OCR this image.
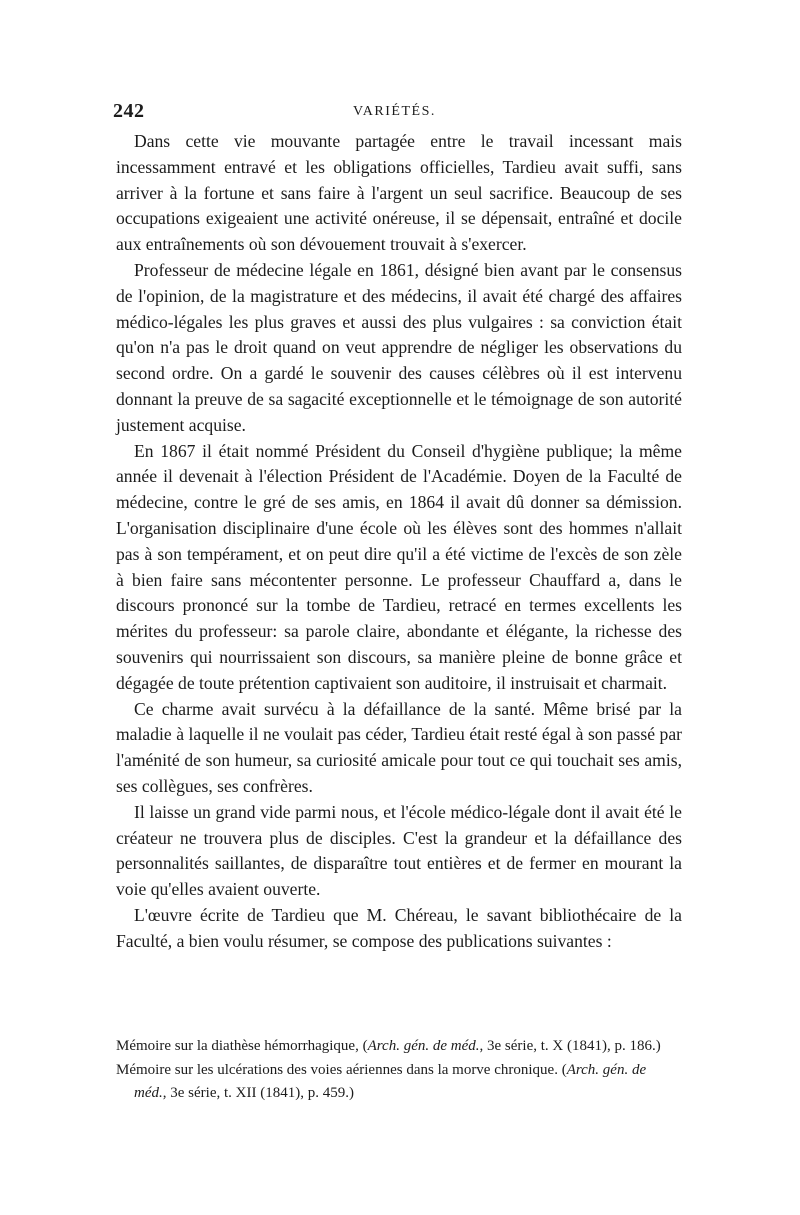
242	VARIÉTÉS.

Dans cette vie mouvante partagée entre le travail incessant mais incessamment entravé et les obligations officielles, Tardieu avait suffi, sans arriver à la fortune et sans faire à l'argent un seul sacrifice. Beaucoup de ses occupations exigeaient une activité onéreuse, il se dépensait, entraîné et docile aux entraînements où son dévouement trouvait à s'exercer.

Professeur de médecine légale en 1861, désigné bien avant par le consensus de l'opinion, de la magistrature et des médecins, il avait été chargé des affaires médico-légales les plus graves et aussi des plus vulgaires : sa conviction était qu'on n'a pas le droit quand on veut apprendre de négliger les observations du second ordre. On a gardé le souvenir des causes célèbres où il est intervenu donnant la preuve de sa sagacité exceptionnelle et le témoignage de son autorité justement acquise.

En 1867 il était nommé Président du Conseil d'hygiène publique; la même année il devenait à l'élection Président de l'Académie. Doyen de la Faculté de médecine, contre le gré de ses amis, en 1864 il avait dû donner sa démission. L'organisation disciplinaire d'une école où les élèves sont des hommes n'allait pas à son tempérament, et on peut dire qu'il a été victime de l'excès de son zèle à bien faire sans mécontenter personne. Le professeur Chauffard a, dans le discours prononcé sur la tombe de Tardieu, retracé en termes excellents les mérites du professeur: sa parole claire, abondante et élégante, la richesse des souvenirs qui nourrissaient son discours, sa manière pleine de bonne grâce et dégagée de toute prétention captivaient son auditoire, il instruisait et charmait.

Ce charme avait survécu à la défaillance de la santé. Même brisé par la maladie à laquelle il ne voulait pas céder, Tardieu était resté égal à son passé par l'aménité de son humeur, sa curiosité amicale pour tout ce qui touchait ses amis, ses collègues, ses confrères.

Il laisse un grand vide parmi nous, et l'école médico-légale dont il avait été le créateur ne trouvera plus de disciples. C'est la grandeur et la défaillance des personnalités saillantes, de disparaître tout entières et de fermer en mourant la voie qu'elles avaient ouverte.

L'œuvre écrite de Tardieu que M. Chéreau, le savant bibliothécaire de la Faculté, a bien voulu résumer, se compose des publications suivantes :

Mémoire sur la diathèse hémorrhagique, (Arch. gén. de méd., 3e série, t. X (1841), p. 186.)

Mémoire sur les ulcérations des voies aériennes dans la morve chronique. (Arch. gén. de méd., 3e série, t. XII (1841), p. 459.)
